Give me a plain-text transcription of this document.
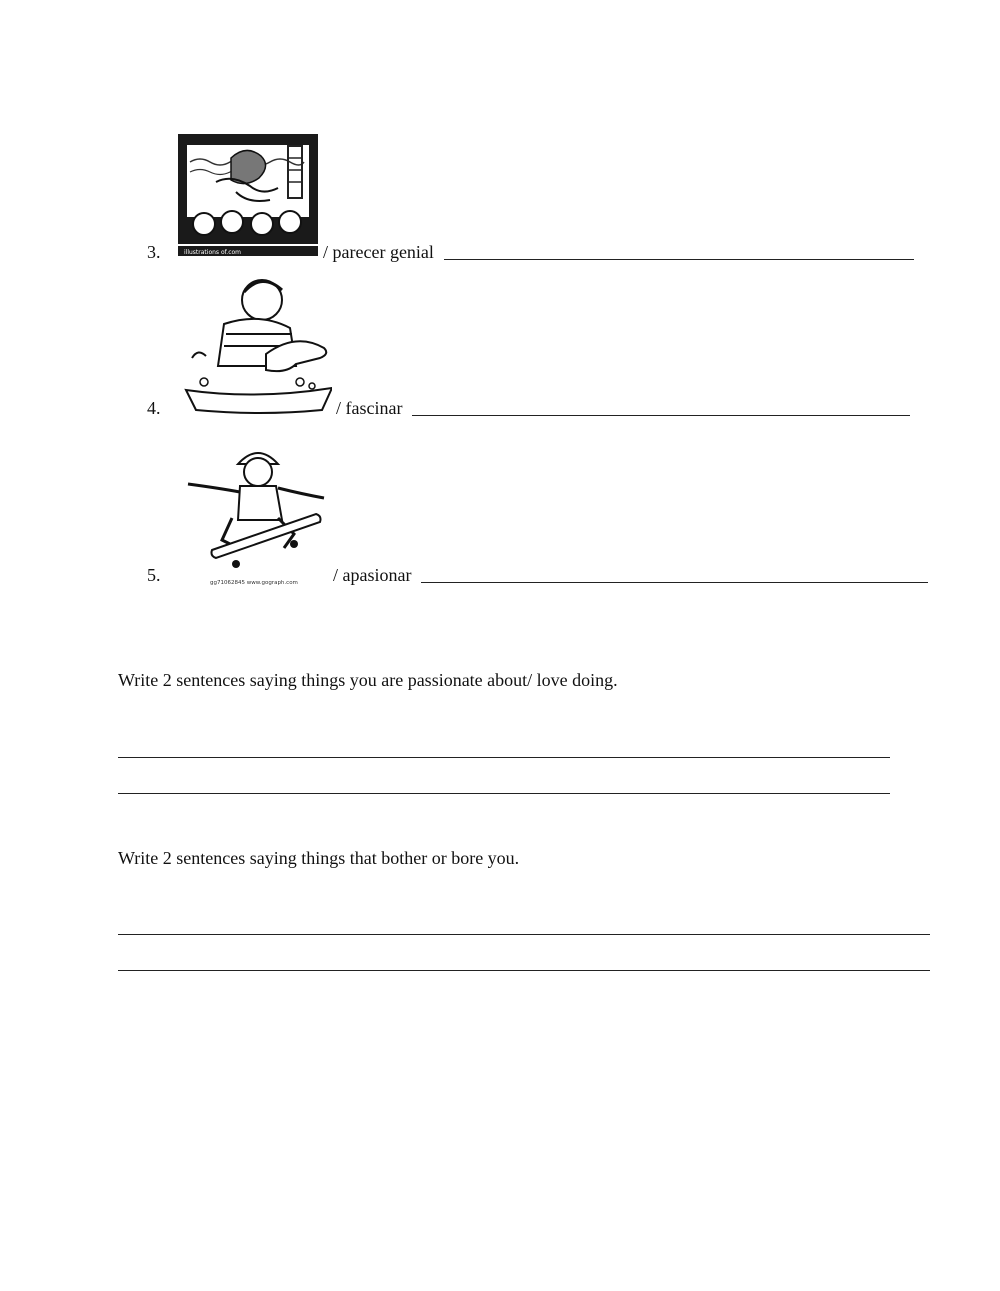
illustrations of.com
3.	/ parecer genial
4.	/ fascinar
gg71062845 www.gograph.com
5.	/ apasionar
Write 2 sentences saying things you are passionate about/ love doing.
Write 2 sentences saying things that bother or bore you.
